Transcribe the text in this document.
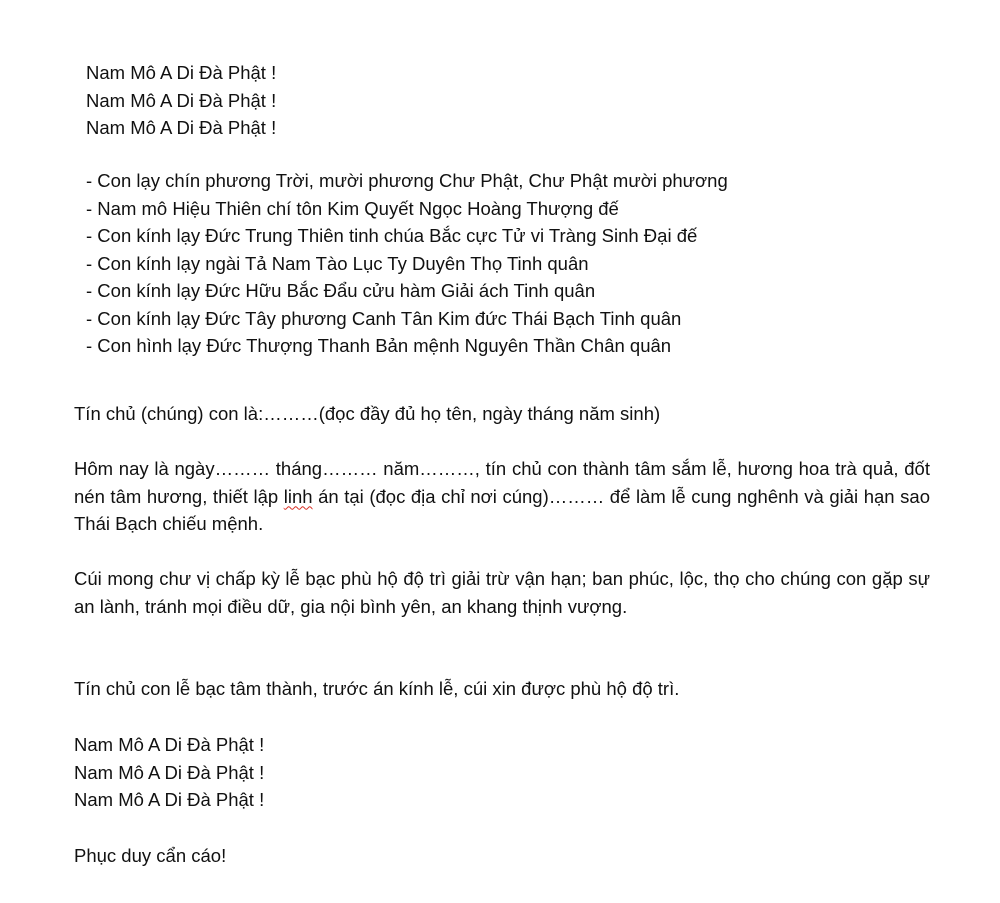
Nam Mô A Di Đà Phật !
Nam Mô A Di Đà Phật !
Nam Mô A Di Đà Phật !
- Con lạy chín phương Trời, mười phương Chư Phật, Chư Phật mười phương
- Nam mô Hiệu Thiên chí tôn Kim Quyết Ngọc Hoàng Thượng đế
- Con kính lạy Đức Trung Thiên tinh chúa Bắc cực Tử vi Tràng Sinh Đại đế
- Con kính lạy ngài Tả Nam Tào Lục Ty Duyên Thọ Tinh quân
- Con kính lạy Đức Hữu Bắc Đẩu cửu hàm Giải ách Tinh quân
- Con kính lạy Đức Tây phương Canh Tân Kim đức Thái Bạch Tinh quân
- Con hình lạy Đức Thượng Thanh Bản mệnh Nguyên Thần Chân quân

Tín chủ (chúng) con là:………(đọc đầy đủ họ tên, ngày tháng năm sinh)

Hôm nay là ngày……… tháng……… năm………, tín chủ con thành tâm sắm lễ, hương hoa trà quả, đốt nén tâm hương, thiết lập linh án tại (đọc địa chỉ nơi cúng)……… để làm lễ cung nghênh và giải hạn sao Thái Bạch chiếu mệnh.

Cúi mong chư vị chấp kỳ lễ bạc phù hộ độ trì giải trừ vận hạn; ban phúc, lộc, thọ cho chúng con gặp sự an lành, tránh mọi điều dữ, gia nội bình yên, an khang thịnh vượng.

Tín chủ con lễ bạc tâm thành, trước án kính lễ, cúi xin được phù hộ độ trì.

Nam Mô A Di Đà Phật !
Nam Mô A Di Đà Phật !
Nam Mô A Di Đà Phật !

Phục duy cẩn cáo!
